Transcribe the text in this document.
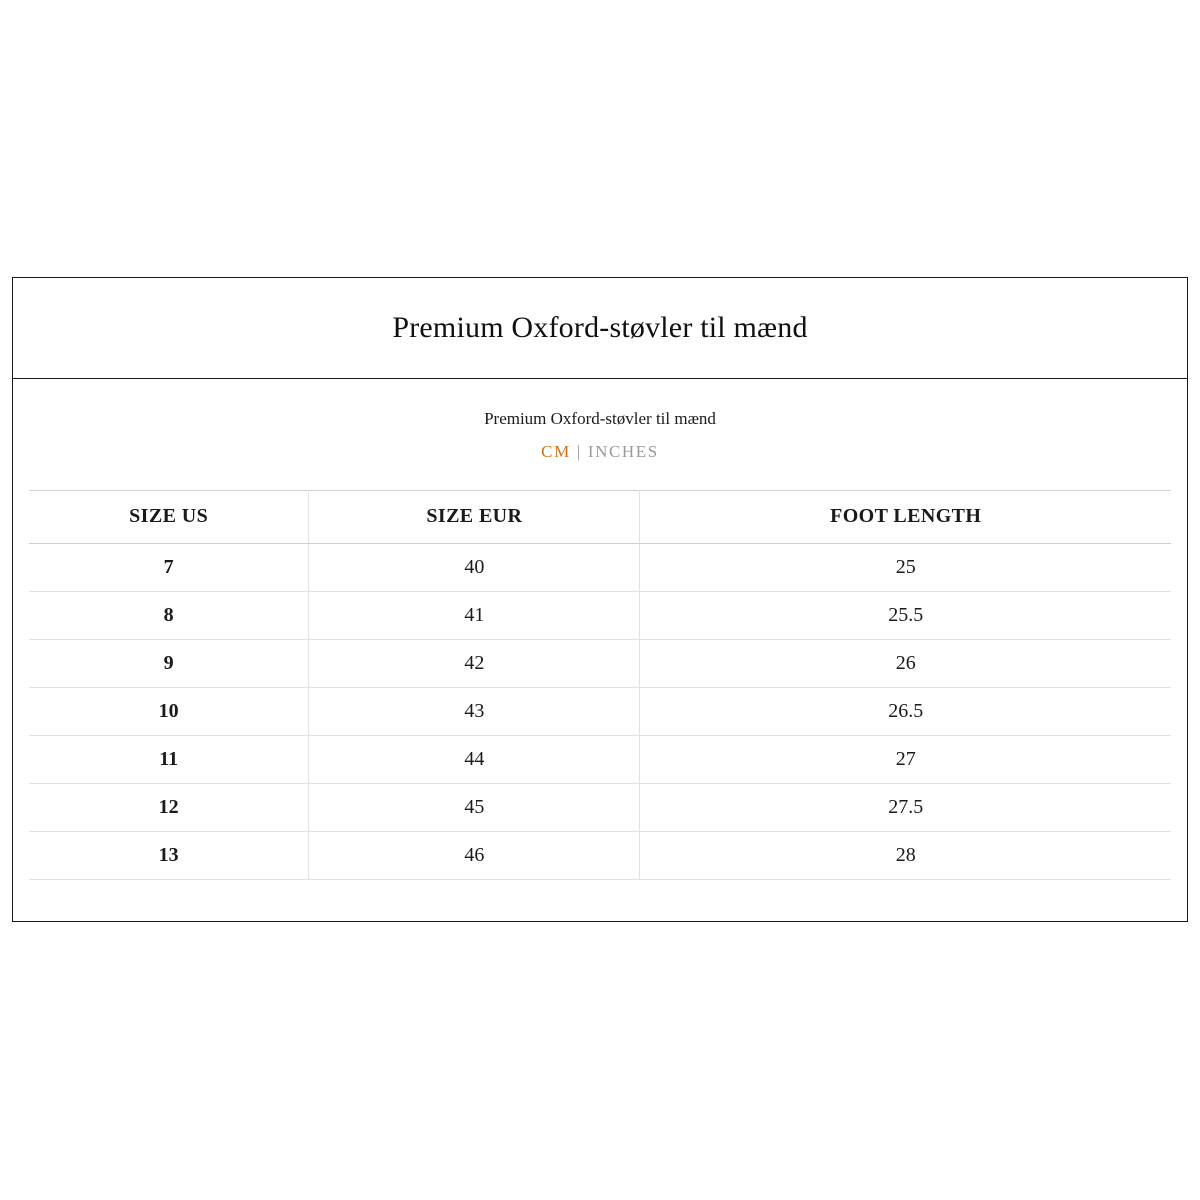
Premium Oxford-støvler til mænd
Premium Oxford-støvler til mænd
CM | INCHES
SIZE US	SIZE EUR	FOOT LENGTH
7	40	25
8	41	25.5
9	42	26
10	43	26.5
11	44	27
12	45	27.5
13	46	28
